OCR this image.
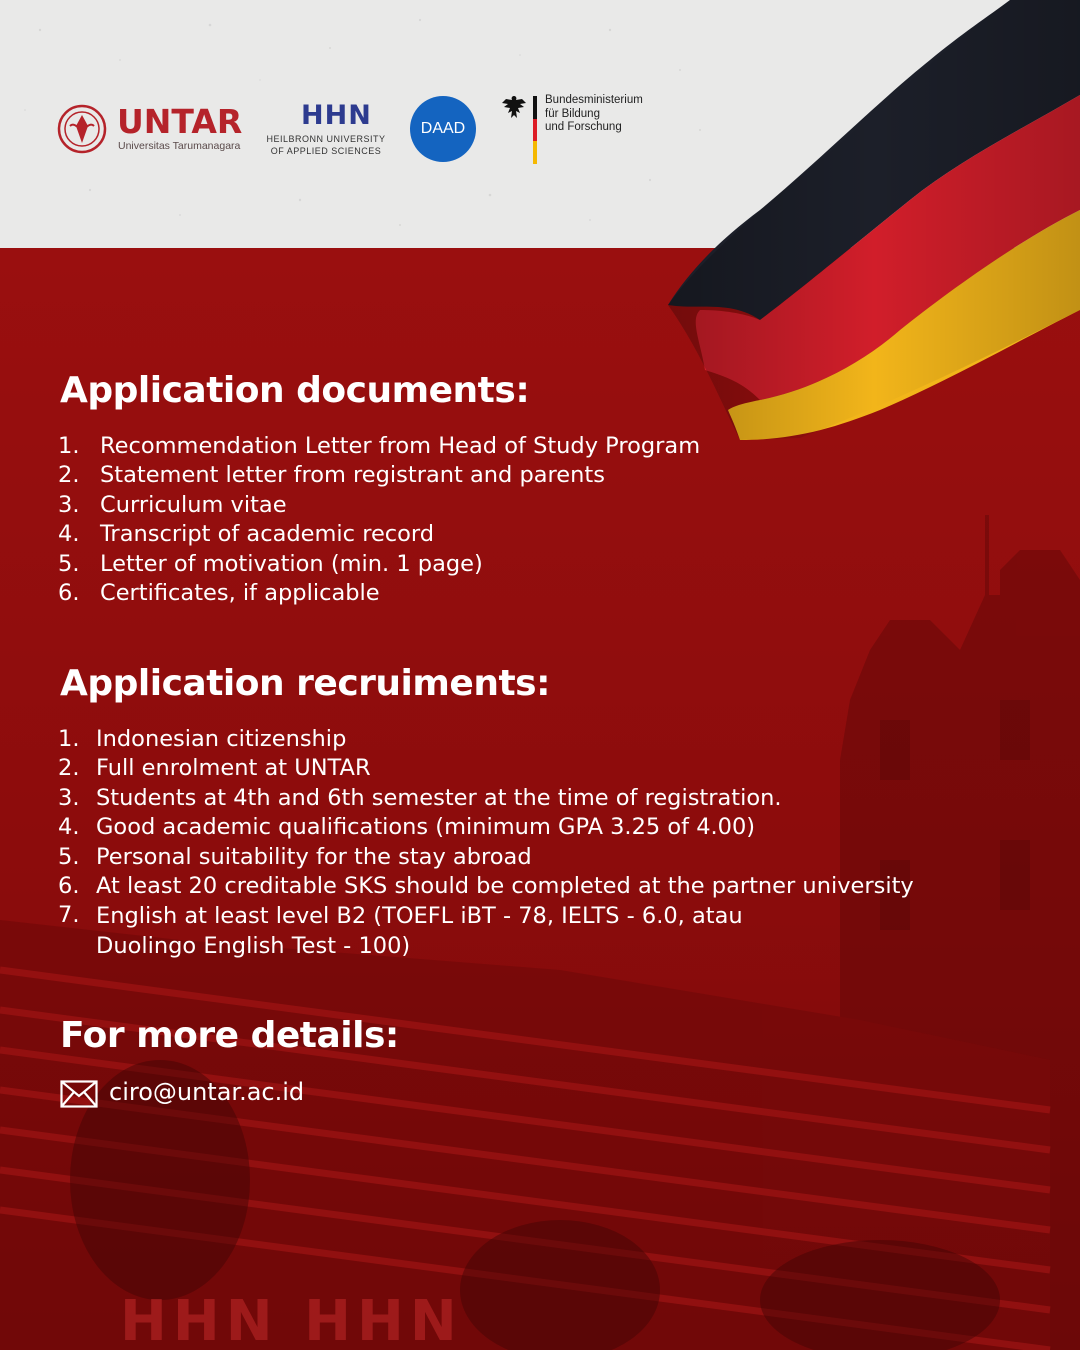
HHN HHN
UNTAR
Universitas Tarumanagara
HHN
HEILBRONN UNIVERSITY
OF APPLIED SCIENCES
DAAD
Bundesministerium
für Bildung
und Forschung
Application documents:
1. Recommendation Letter from Head of Study Program
2. Statement letter from registrant and parents
3. Curriculum vitae
4. Transcript of academic record
5. Letter of motivation (min. 1 page)
6. Certificates, if applicable
Application recruiments:
1. Indonesian citizenship
2. Full enrolment at UNTAR
3. Students at 4th and 6th semester at the time of registration.
4. Good academic qualifications (minimum GPA 3.25 of 4.00)
5. Personal suitability for the stay abroad
6. At least 20 creditable SKS should be completed at the partner university
7. English at least level B2 (TOEFL iBT - 78, IELTS - 6.0, atau Duolingo English Test - 100)
For more details:
ciro@untar.ac.id
